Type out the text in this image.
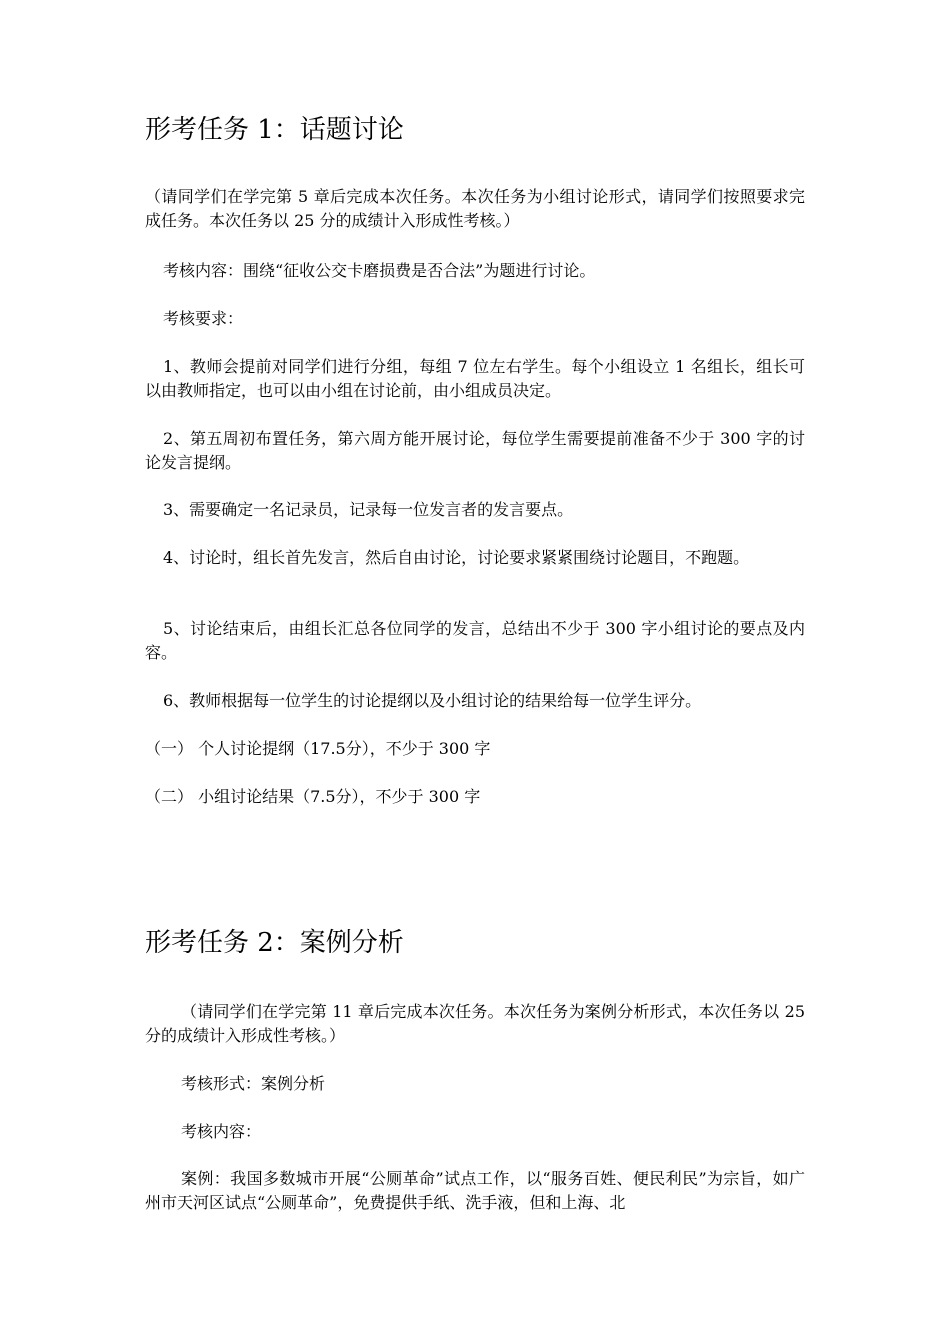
形考任务 1：话题讨论

（请同学们在学完第 5 章后完成本次任务。本次任务为小组讨论形式，请同学们按照要求完成任务。本次任务以 25 分的成绩计入形成性考核。）

考核内容：围绕“征收公交卡磨损费是否合法”为题进行讨论。

考核要求：

1、教师会提前对同学们进行分组，每组 7 位左右学生。每个小组设立 1 名组长，组长可以由教师指定，也可以由小组在讨论前，由小组成员决定。

2、第五周初布置任务，第六周方能开展讨论，每位学生需要提前准备不少于 300 字的讨论发言提纲。

3、需要确定一名记录员，记录每一位发言者的发言要点。

4、讨论时，组长首先发言，然后自由讨论，讨论要求紧紧围绕讨论题目，不跑题。

5、讨论结束后，由组长汇总各位同学的发言，总结出不少于 300 字小组讨论的要点及内容。

6、教师根据每一位学生的讨论提纲以及小组讨论的结果给每一位学生评分。

（一） 个人讨论提纲（17.5分），不少于 300 字

（二） 小组讨论结果（7.5分），不少于 300 字

形考任务 2：案例分析

（请同学们在学完第 11 章后完成本次任务。本次任务为案例分析形式，本次任务以 25 分的成绩计入形成性考核。）

考核形式：案例分析

考核内容：

案例：我国多数城市开展“公厕革命”试点工作，以“服务百姓、便民利民”为宗旨，如广州市天河区试点“公厕革命”，免费提供手纸、洗手液，但和上海、北
